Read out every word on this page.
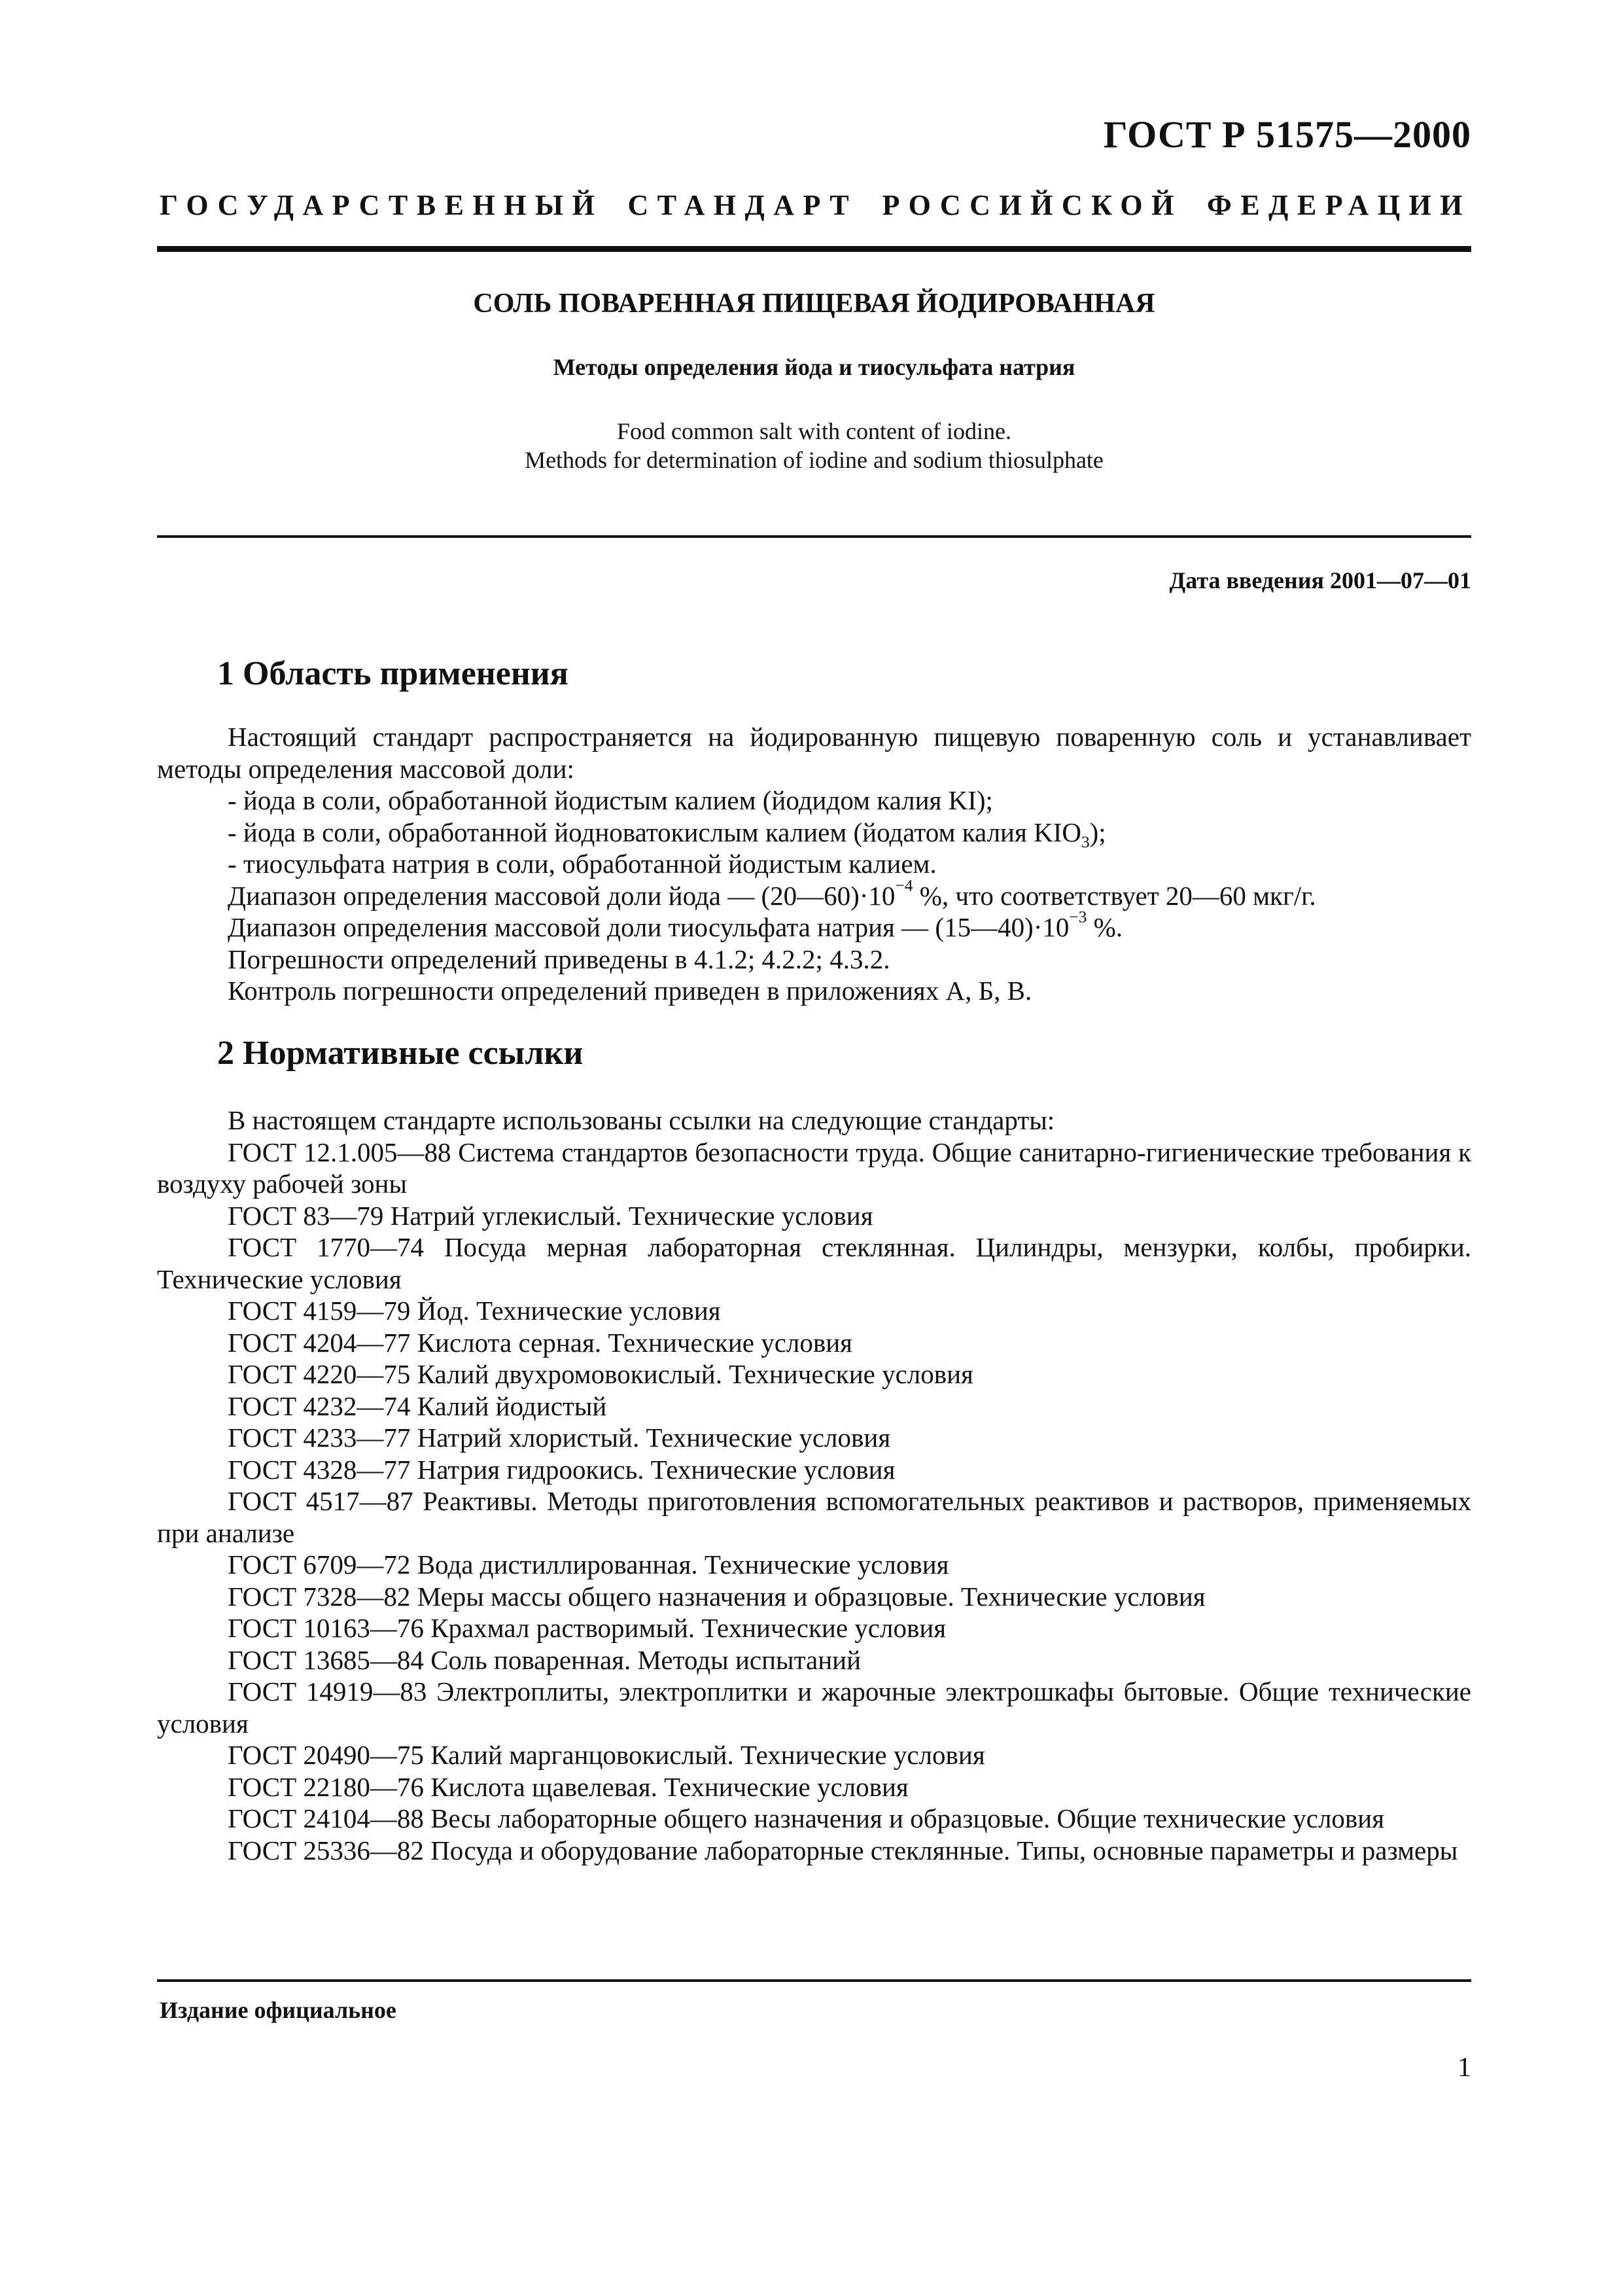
ГОСТ Р 51575—2000
ГОСУДАРСТВЕННЫЙ СТАНДАРТ РОССИЙСКОЙ ФЕДЕРАЦИИ
СОЛЬ ПОВАРЕННАЯ ПИЩЕВАЯ ЙОДИРОВАННАЯ
Методы определения йода и тиосульфата натрия
Food common salt with content of iodine.
Methods for determination of iodine and sodium thiosulphate
Дата введения 2001—07—01
1 Область применения
Настоящий стандарт распространяется на йодированную пищевую поваренную соль и устанавливает методы определения массовой доли:
- йода в соли, обработанной йодистым калием (йодидом калия KI);
- йода в соли, обработанной йодноватокислым калием (йодатом калия $KIO_3$);
- тиосульфата натрия в соли, обработанной йодистым калием.
Диапазон определения массовой доли йода — $(20—60)\cdot 10^{-4}$ %, что соответствует 20—60 мкг/г.
Диапазон определения массовой доли тиосульфата натрия — $(15—40)\cdot 10^{-3}$ %.
Погрешности определений приведены в 4.1.2; 4.2.2; 4.3.2.
Контроль погрешности определений приведен в приложениях А, Б, В.
2 Нормативные ссылки
В настоящем стандарте использованы ссылки на следующие стандарты:
ГОСТ 12.1.005—88 Система стандартов безопасности труда. Общие санитарно-гигиенические требования к воздуху рабочей зоны
ГОСТ 83—79 Натрий углекислый. Технические условия
ГОСТ 1770—74 Посуда мерная лабораторная стеклянная. Цилиндры, мензурки, колбы, пробирки. Технические условия
ГОСТ 4159—79 Йод. Технические условия
ГОСТ 4204—77 Кислота серная. Технические условия
ГОСТ 4220—75 Калий двухромовокислый. Технические условия
ГОСТ 4232—74 Калий йодистый
ГОСТ 4233—77 Натрий хлористый. Технические условия
ГОСТ 4328—77 Натрия гидроокись. Технические условия
ГОСТ 4517—87 Реактивы. Методы приготовления вспомогательных реактивов и растворов, применяемых при анализе
ГОСТ 6709—72 Вода дистиллированная. Технические условия
ГОСТ 7328—82 Меры массы общего назначения и образцовые. Технические условия
ГОСТ 10163—76 Крахмал растворимый. Технические условия
ГОСТ 13685—84 Соль поваренная. Методы испытаний
ГОСТ 14919—83 Электроплиты, электроплитки и жарочные электрошкафы бытовые. Общие технические условия
ГОСТ 20490—75 Калий марганцовокислый. Технические условия
ГОСТ 22180—76 Кислота щавелевая. Технические условия
ГОСТ 24104—88 Весы лабораторные общего назначения и образцовые. Общие технические условия
ГОСТ 25336—82 Посуда и оборудование лабораторные стеклянные. Типы, основные параметры и размеры
Издание официальное
1
